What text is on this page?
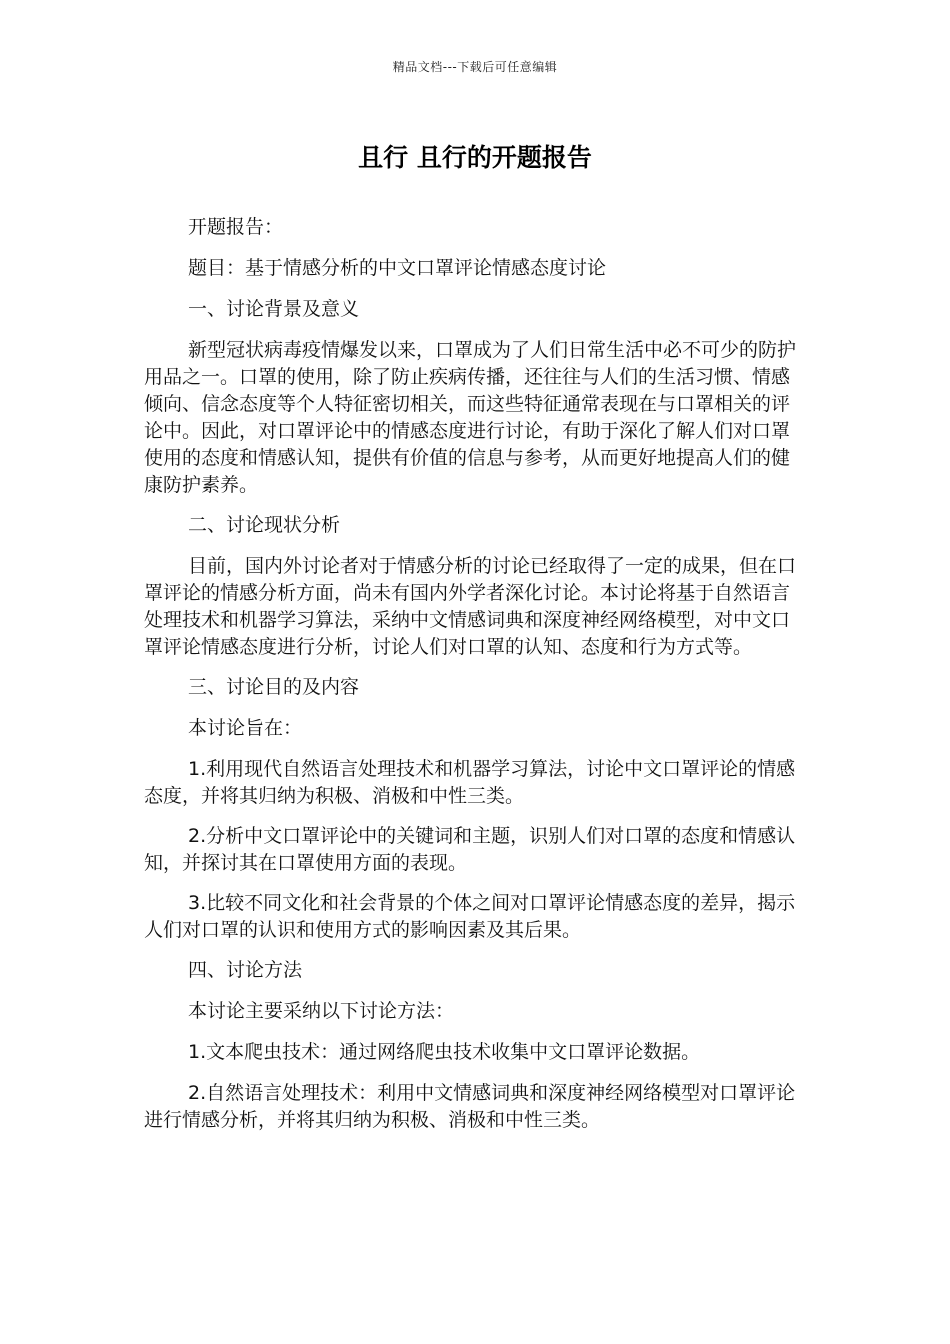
精品文档---下载后可任意编辑
且行 且行的开题报告

开题报告：

题目：基于情感分析的中文口罩评论情感态度讨论

一、讨论背景及意义

新型冠状病毒疫情爆发以来，口罩成为了人们日常生活中必不可少的防护用品之一。口罩的使用，除了防止疾病传播，还往往与人们的生活习惯、情感倾向、信念态度等个人特征密切相关，而这些特征通常表现在与口罩相关的评论中。因此，对口罩评论中的情感态度进行讨论，有助于深化了解人们对口罩使用的态度和情感认知，提供有价值的信息与参考，从而更好地提高人们的健康防护素养。

二、讨论现状分析

目前，国内外讨论者对于情感分析的讨论已经取得了一定的成果，但在口罩评论的情感分析方面，尚未有国内外学者深化讨论。本讨论将基于自然语言处理技术和机器学习算法，采纳中文情感词典和深度神经网络模型，对中文口罩评论情感态度进行分析，讨论人们对口罩的认知、态度和行为方式等。

三、讨论目的及内容

本讨论旨在：

1.利用现代自然语言处理技术和机器学习算法，讨论中文口罩评论的情感态度，并将其归纳为积极、消极和中性三类。

2.分析中文口罩评论中的关键词和主题，识别人们对口罩的态度和情感认知，并探讨其在口罩使用方面的表现。

3.比较不同文化和社会背景的个体之间对口罩评论情感态度的差异，揭示人们对口罩的认识和使用方式的影响因素及其后果。

四、讨论方法

本讨论主要采纳以下讨论方法：

1.文本爬虫技术：通过网络爬虫技术收集中文口罩评论数据。

2.自然语言处理技术：利用中文情感词典和深度神经网络模型对口罩评论进行情感分析，并将其归纳为积极、消极和中性三类。
